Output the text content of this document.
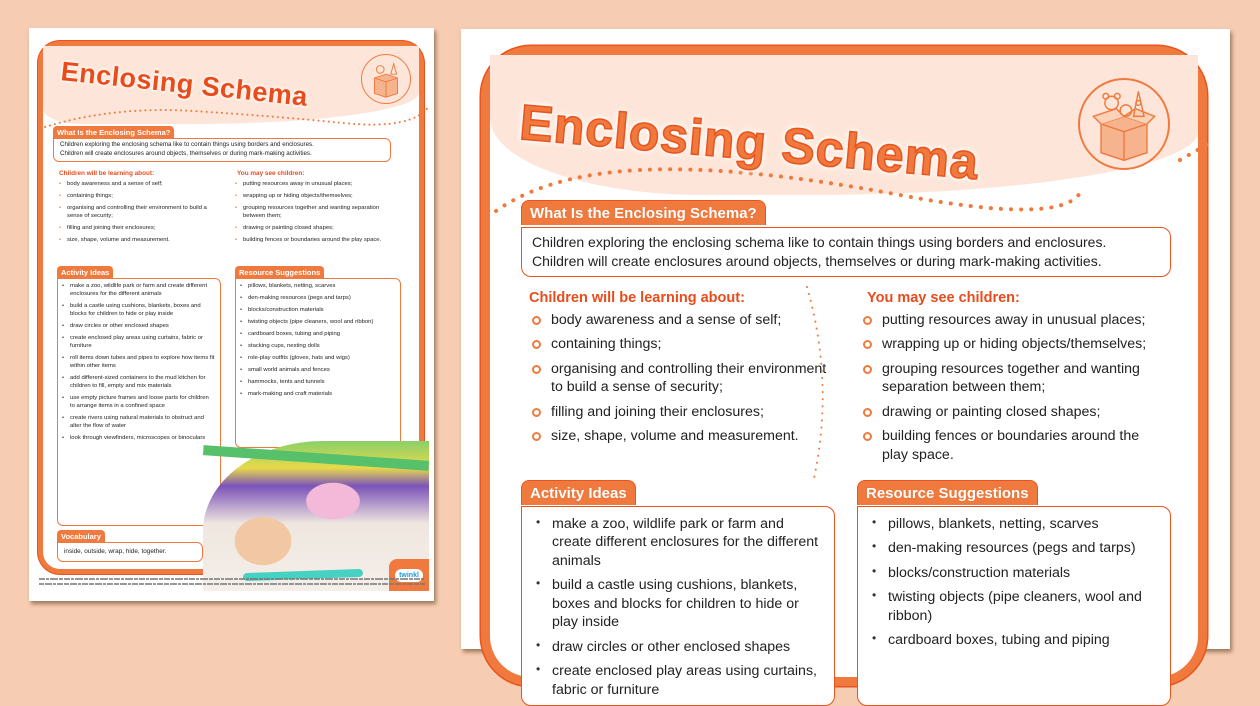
Enclosing Schema
What Is the Enclosing Schema?
Children exploring the enclosing schema like to contain things using borders and enclosures.
Children will create enclosures around objects, themselves or during mark-making activities.
Children will be learning about:
• body awareness and a sense of self;
• containing things;
• organising and controlling their environment to build a sense of security;
• filling and joining their enclosures;
• size, shape, volume and measurement.
You may see children:
• putting resources away in unusual places;
• wrapping up or hiding objects/themselves;
• grouping resources together and wanting separation between them;
• drawing or painting closed shapes;
• building fences or boundaries around the play space.
Activity Ideas
• make a zoo, wildlife park or farm and create different enclosures for the different animals
• build a castle using cushions, blankets, boxes and blocks for children to hide or play inside
• draw circles or other enclosed shapes
• create enclosed play areas using curtains, fabric or furniture
• roll items down tubes and pipes to explore how items fit within other items
• add different-sized containers to the mud kitchen for children to fill, empty and mix materials
• use empty picture frames and loose parts for children to arrange items in a confined space
• create rivers using natural materials to obstruct and alter the flow of water
• look through viewfinders, microscopes or binoculars
Resource Suggestions
• pillows, blankets, netting, scarves
• den-making resources (pegs and tarps)
• blocks/construction materials
• twisting objects (pipe cleaners, wool and ribbon)
• cardboard boxes, tubing and piping
• stacking cups, nesting dolls
• role-play outfits (gloves, hats and wigs)
• small world animals and fences
• hammocks, tents and tunnels
• mark-making and craft materials
Vocabulary
inside, outside, wrap, hide, together.
twinkl
Enclosing Schema
What Is the Enclosing Schema?
Children exploring the enclosing schema like to contain things using borders and enclosures.
Children will create enclosures around objects, themselves or during mark-making activities.
Children will be learning about:
body awareness and a sense of self;
containing things;
organising and controlling their environment to build a sense of security;
filling and joining their enclosures;
size, shape, volume and measurement.
You may see children:
putting resources away in unusual places;
wrapping up or hiding objects/themselves;
grouping resources together and wanting separation between them;
drawing or painting closed shapes;
building fences or boundaries around the play space.
Activity Ideas
• make a zoo, wildlife park or farm and create different enclosures for the different animals
• build a castle using cushions, blankets, boxes and blocks for children to hide or play inside
• draw circles or other enclosed shapes
• create enclosed play areas using curtains, fabric or furniture
Resource Suggestions
• pillows, blankets, netting, scarves
• den-making resources (pegs and tarps)
• blocks/construction materials
• twisting objects (pipe cleaners, wool and ribbon)
• cardboard boxes, tubing and piping
